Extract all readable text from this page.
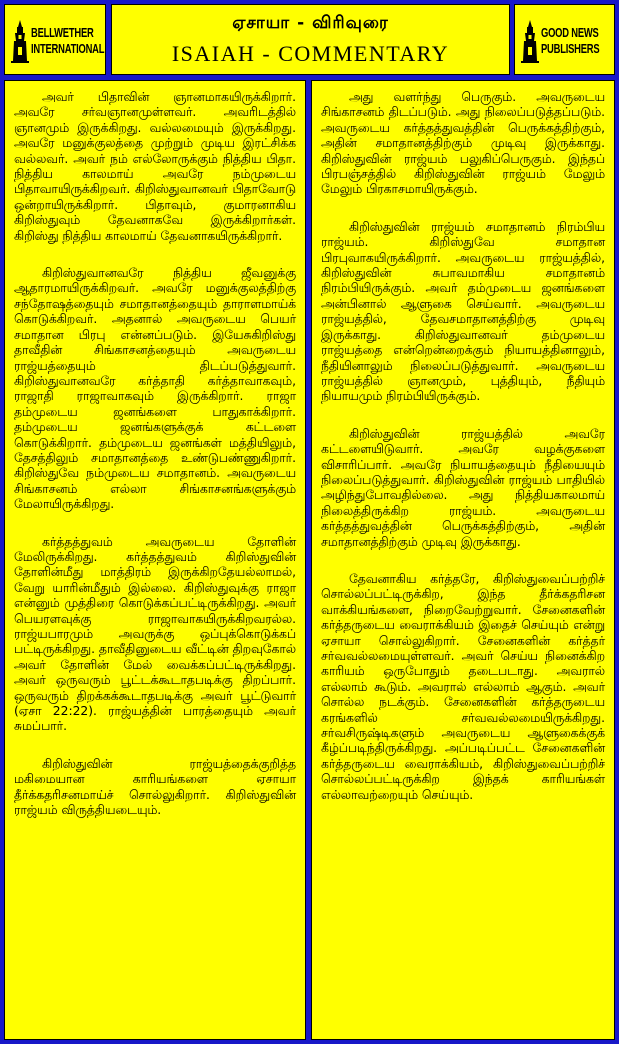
BELLWETHER
INTERNATIONAL
ஏசாயா - விரிவுரை
ISAIAH - COMMENTARY
GOOD NEWS
PUBLISHERS

அவர் பிதாவின் ஞானமாகயிருக்கிறார். அவரே சர்வஞானமுள்ளவர். அவரிடத்தில் ஞானமும் இருக்கிறது. வல்லமையும் இருக்கிறது. அவரே மனுக்குலத்தை முற்றும் முடிய இரட்சிக்க வல்லவர். அவர் நம் எல்லோருக்கும் நித்திய பிதா. நித்திய காலமாய் அவரே நம்முடைய பிதாவாயிருக்கிறவர். கிறிஸ்துவானவர் பிதாவோடு ஒன்றாயிருக்கிறார். பிதாவும், குமாரனாகிய கிறிஸ்துவும் தேவனாகவே இருக்கிறார்கள். கிறிஸ்து நித்திய காலமாய் தேவனாகயிருக்கிறார்.

கிறிஸ்துவானவரே நித்திய ஜீவனுக்கு ஆதாரமாயிருக்கிறவர். அவரே மனுக்குலத்திற்கு சந்தோஷத்தையும் சமாதானத்தையும் தாராளமாய்க் கொடுக்கிறவர். அதனால் அவருடைய பெயர் சமாதான பிரபு என்னப்படும். இயேசுகிறிஸ்து தாவீதின் சிங்காசனத்தையும் அவருடைய ராஜ்யத்தையும் திடப்படுத்துவார். கிறிஸ்துவானவரே கர்த்தாதி கர்த்தாவாகவும், ராஜாதி ராஜாவாகவும் இருக்கிறார். ராஜா தம்முடைய ஜனங்களை பாதுகாக்கிறார். தம்முடைய ஜனங்களுக்குக் கட்டளை கொடுக்கிறார். தம்முடைய ஜனங்கள் மத்தியிலும், தேசத்திலும் சமாதானத்தை உண்டுபண்ணுகிறார். கிறிஸ்துவே நம்முடைய சமாதானம். அவருடைய சிங்காசனம் எல்லா சிங்காசனங்களுக்கும் மேலாயிருக்கிறது.

கர்த்தத்துவம் அவருடைய தோளின் மேலிருக்கிறது. கர்த்தத்துவம் கிறிஸ்துவின் தோளின்மீது மாத்திரம் இருக்கிறதேயல்லாமல், வேறு யாரின்மீதும் இல்லை. கிறிஸ்துவுக்கு ராஜா என்னும் முத்திரை கொடுக்கப்பட்டிருக்கிறது. அவர் பெயரளவுக்கு ராஜாவாகயிருக்கிறவரல்ல. ராஜ்யபாரமும் அவருக்கு ஒப்புக்கொடுக்கப் பட்டிருக்கிறது. தாவீதினுடைய வீட்டின் திறவுகோல் அவர் தோளின் மேல் வைக்கப்பட்டிருக்கிறது. அவர் ஒருவரும் பூட்டக்கூடாதபடிக்கு திறப்பார். ஒருவரும் திறக்கக்கூடாதபடிக்கு அவர் பூட்டுவார் (ஏசா 22:22). ராஜ்யத்தின் பாரத்தையும் அவர் சுமப்பார்.

கிறிஸ்துவின் ராஜ்யத்தைக்குறித்த மகிமையான காரியங்களை ஏசாயா தீர்க்கதரிசனமாய்ச் சொல்லுகிறார். கிறிஸ்துவின் ராஜ்யம் விருத்தியடையும்.

அது வளர்ந்து பெருகும். அவருடைய சிங்காசனம் திடப்படும். அது நிலைப்படுத்தப்படும். அவருடைய கர்த்தத்துவத்தின் பெருக்கத்திற்கும், அதின் சமாதானத்திற்கும் முடிவு இருக்காது. கிறிஸ்துவின் ராஜ்யம் பலுகிப்பெருகும். இந்தப் பிரபஞ்சத்தில் கிறிஸ்துவின் ராஜ்யம் மேலும் மேலும் பிரகாசமாயிருக்கும்.

கிறிஸ்துவின் ராஜ்யம் சமாதானம் நிரம்பிய ராஜ்யம். கிறிஸ்துவே சமாதான பிரபுவாகயிருக்கிறார். அவருடைய ராஜ்யத்தில், கிறிஸ்துவின் சுபாவமாகிய சமாதானம் நிரம்பியிருக்கும். அவர் தம்முடைய ஜனங்களை அன்பினால் ஆளுகை செய்வார். அவருடைய ராஜ்யத்தில், தேவசமாதானத்திற்கு முடிவு இருக்காது. கிறிஸ்துவானவர் தம்முடைய ராஜ்யத்தை என்றென்றைக்கும் நியாயத்தினாலும், நீதியினாலும் நிலைப்படுத்துவார். அவருடைய ராஜ்யத்தில் ஞானமும், புத்தியும், நீதியும் நியாயமும் நிரம்பியிருக்கும்.

கிறிஸ்துவின் ராஜ்யத்தில் அவரே கட்டளையிடுவார். அவரே வழக்குகளை விசாரிப்பார். அவரே நியாயத்தையும் நீதியையும் நிலைப்படுத்துவார். கிறிஸ்துவின் ராஜ்யம் பாதியில் அழிந்துபோவதில்லை. அது நித்தியகாலமாய் நிலைத்திருக்கிற ராஜ்யம். அவருடைய கர்த்தத்துவத்தின் பெருக்கத்திற்கும், அதின் சமாதானத்திற்கும் முடிவு இருக்காது.

தேவனாகிய கர்த்தரே, கிறிஸ்துவைப்பற்றிச் சொல்லப்பட்டிருக்கிற, இந்த தீர்க்கதரிசன வாக்கியங்களை, நிறைவேற்றுவார். சேனைகளின் கர்த்தருடைய வைராக்கியம் இதைச் செய்யும் என்று ஏசாயா சொல்லுகிறார். சேனைகளின் கர்த்தர் சர்வவல்லமையுள்ளவர். அவர் செய்ய நினைக்கிற காரியம் ஒருபோதும் தடைபடாது. அவரால் எல்லாம் கூடும். அவரால் எல்லாம் ஆகும். அவர் சொல்ல நடக்கும். சேனைகளின் கர்த்தருடைய கரங்களில் சர்வவல்லமையிருக்கிறது. சர்வசிருஷ்டிகளும் அவருடைய ஆளுகைக்குக் கீழ்ப்படிந்திருக்கிறது. அப்படிப்பட்ட சேனைகளின் கர்த்தருடைய வைராக்கியம், கிறிஸ்துவைப்பற்றிச் சொல்லப்பட்டிருக்கிற இந்தக் காரியங்கள் எல்லாவற்றையும் செய்யும்.
